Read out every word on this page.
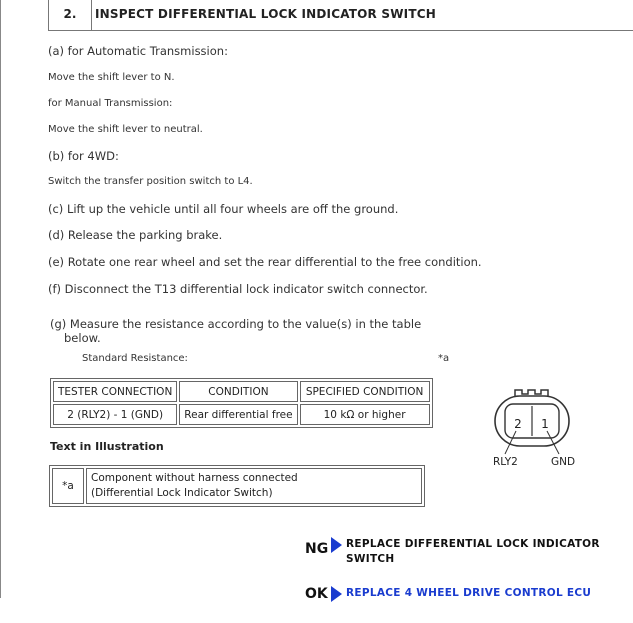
2.	INSPECT DIFFERENTIAL LOCK INDICATOR SWITCH
(a) for Automatic Transmission:
Move the shift lever to N.
for Manual Transmission:
Move the shift lever to neutral.
(b) for 4WD:
Switch the transfer position switch to L4.
(c) Lift up the vehicle until all four wheels are off the ground.
(d) Release the parking brake.
(e) Rotate one rear wheel and set the rear differential to the free condition.
(f) Disconnect the T13 differential lock indicator switch connector.
(g) Measure the resistance according to the value(s) in the table
below.
Standard Resistance:	*a
TESTER CONNECTION	CONDITION	SPECIFIED CONDITION
2 (RLY2) - 1 (GND)	Rear differential free	10 kΩ or higher
Text in Illustration
*a	
Component without harness connected
(Differential Lock Indicator Switch)
2 1
RLY2	GND
NG REPLACE DIFFERENTIAL LOCK INDICATOR
SWITCH
OK	REPLACE 4 WHEEL DRIVE CONTROL ECU
